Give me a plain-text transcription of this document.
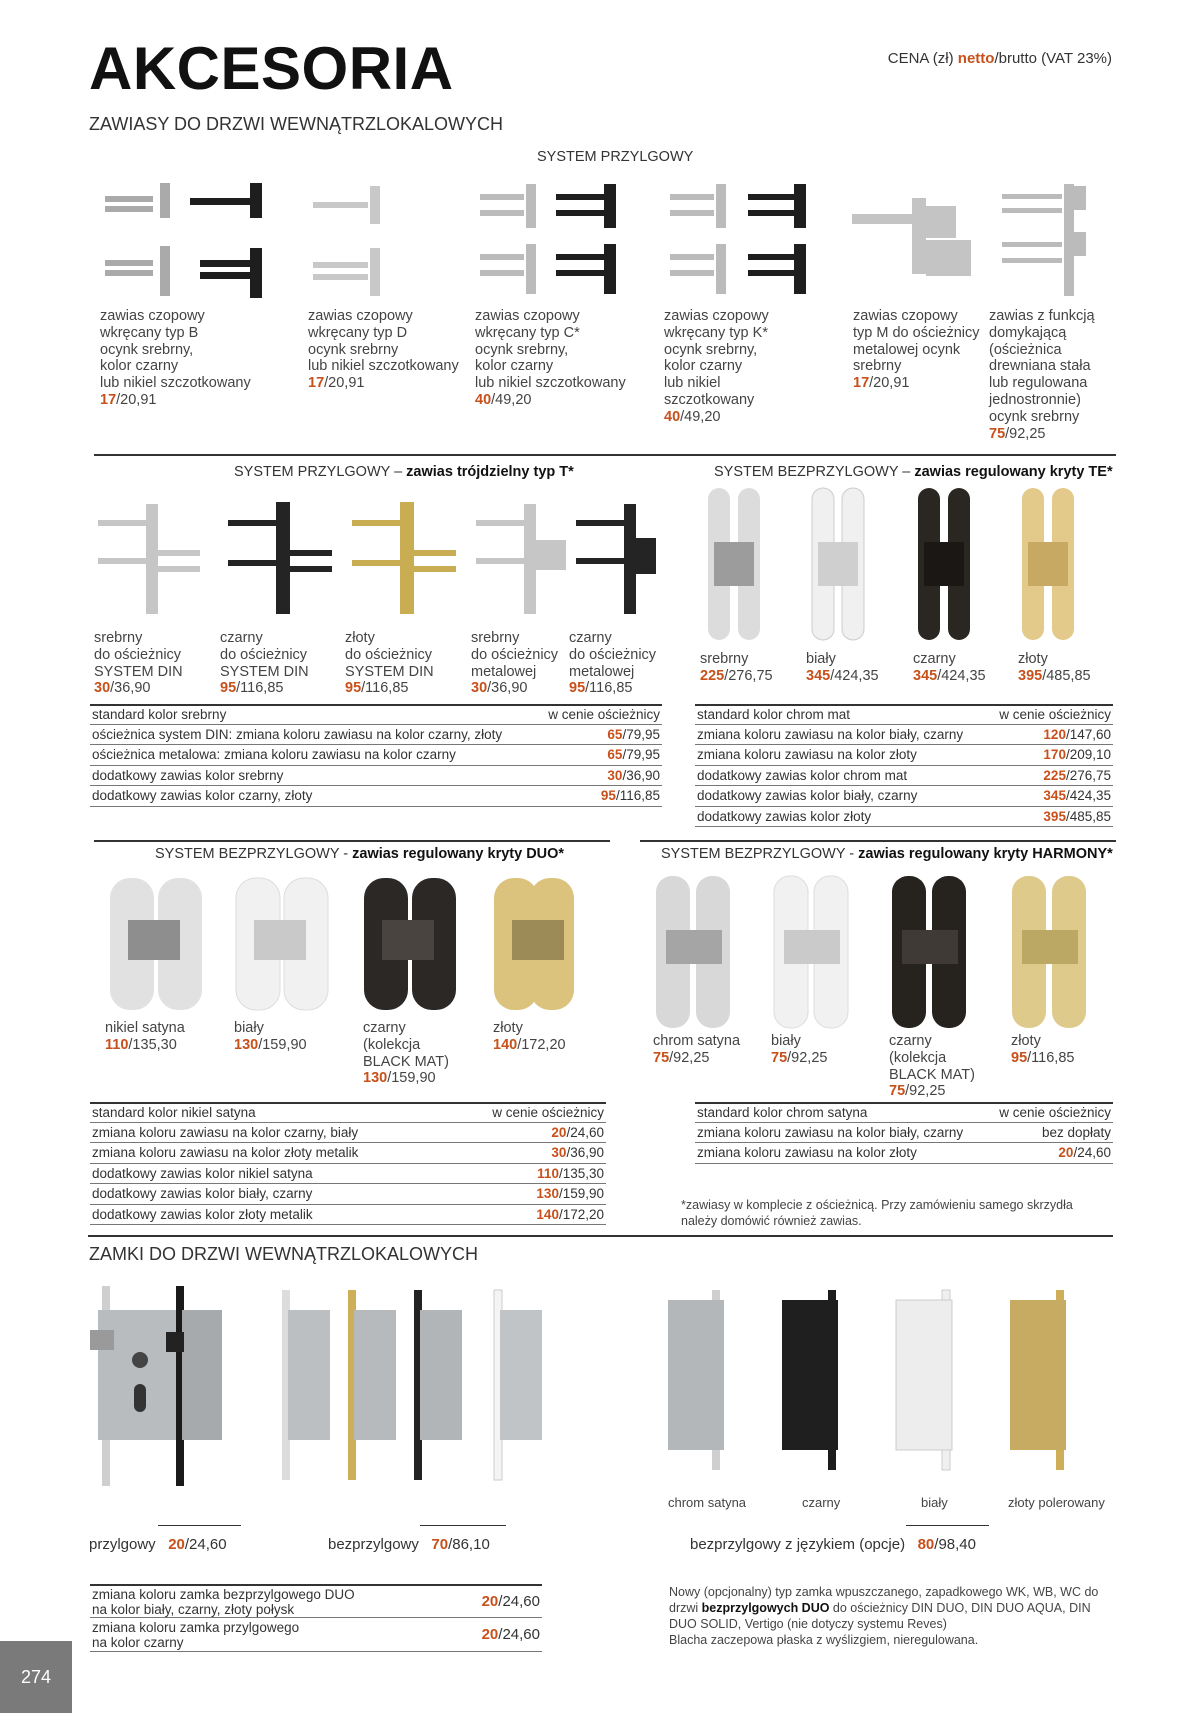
AKCESORIA
ZAWIASY DO DRZWI WEWNĄTRZLOKALOWYCH
CENA (zł) netto/brutto (VAT 23%)
SYSTEM PRZYLGOWY
zawias czopowy
wkręcany typ B
ocynk srebrny,
kolor czarny
lub nikiel szczotkowany
17/20,91
zawias czopowy
wkręcany typ D
ocynk srebrny
lub nikiel szczotkowany
17/20,91
zawias czopowy
wkręcany typ C*
ocynk srebrny,
kolor czarny
lub nikiel szczotkowany
40/49,20
zawias czopowy
wkręcany typ K*
ocynk srebrny,
kolor czarny
lub nikiel
szczotkowany
40/49,20
zawias czopowy
typ M do ościeżnicy
metalowej ocynk
srebrny
17/20,91
zawias z funkcją
domykającą
(ościeżnica
drewniana stała
lub regulowana
jednostronnie)
ocynk srebrny
75/92,25
SYSTEM PRZYLGOWY – zawias trójdzielny typ T*
srebrny
do ościeżnicy
SYSTEM DIN
30/36,90
czarny
do ościeżnicy
SYSTEM DIN
95/116,85
złoty
do ościeżnicy
SYSTEM DIN
95/116,85
srebrny
do ościeżnicy
metalowej
30/36,90
czarny
do ościeżnicy
metalowej
95/116,85
standard kolor srebrny	w cenie ościeżnicy
ościeżnica system DIN: zmiana koloru zawiasu na kolor czarny, złoty	65/79,95
ościeżnica metalowa: zmiana koloru zawiasu na kolor czarny	65/79,95
dodatkowy zawias kolor srebrny	30/36,90
dodatkowy zawias kolor czarny, złoty	95/116,85
SYSTEM BEZPRZYLGOWY – zawias regulowany kryty TE*
srebrny
225/276,75
biały
345/424,35
czarny
345/424,35
złoty
395/485,85
standard kolor chrom mat	w cenie ościeżnicy
zmiana koloru zawiasu na kolor biały, czarny	120/147,60
zmiana koloru zawiasu na kolor złoty	170/209,10
dodatkowy zawias kolor chrom mat	225/276,75
dodatkowy zawias kolor biały, czarny	345/424,35
dodatkowy zawias kolor złoty	395/485,85
SYSTEM BEZPRZYLGOWY - zawias regulowany kryty DUO*
nikiel satyna
110/135,30
biały
130/159,90
czarny
(kolekcja
BLACK MAT)
130/159,90
złoty
140/172,20
standard kolor nikiel satyna	w cenie ościeżnicy
zmiana koloru zawiasu na kolor czarny, biały	20/24,60
zmiana koloru zawiasu na kolor złoty metalik	30/36,90
dodatkowy zawias kolor nikiel satyna	110/135,30
dodatkowy zawias kolor biały, czarny	130/159,90
dodatkowy zawias kolor złoty metalik	140/172,20
SYSTEM BEZPRZYLGOWY - zawias regulowany kryty HARMONY*
chrom satyna
75/92,25
biały
75/92,25
czarny
(kolekcja
BLACK MAT)
75/92,25
złoty
95/116,85
standard kolor chrom satyna	w cenie ościeżnicy
zmiana koloru zawiasu na kolor biały, czarny	bez dopłaty
zmiana koloru zawiasu na kolor złoty	20/24,60
*zawiasy w komplecie z ościeżnicą. Przy zamówieniu samego skrzydła należy domówić również zawias.
ZAMKI DO DRZWI WEWNĄTRZLOKALOWYCH
chrom satyna	czarny	biały	złoty polerowany
przylgowy 20/24,60	bezprzylgowy 70/86,10	bezprzylgowy z językiem (opcje) 80/98,40
zmiana koloru zamka bezprzylgowego DUO
na kolor biały, czarny, złoty połysk	20/24,60
zmiana koloru zamka przylgowego
na kolor czarny	20/24,60
Nowy (opcjonalny) typ zamka wpuszczanego, zapadkowego WK, WB, WC do
drzwi bezprzylgowych DUO do ościeżnicy DIN DUO, DIN DUO AQUA, DIN
DUO SOLID, Vertigo (nie dotyczy systemu Reves)
Blacha zaczepowa płaska z wyślizgiem, nieregulowana.
274
